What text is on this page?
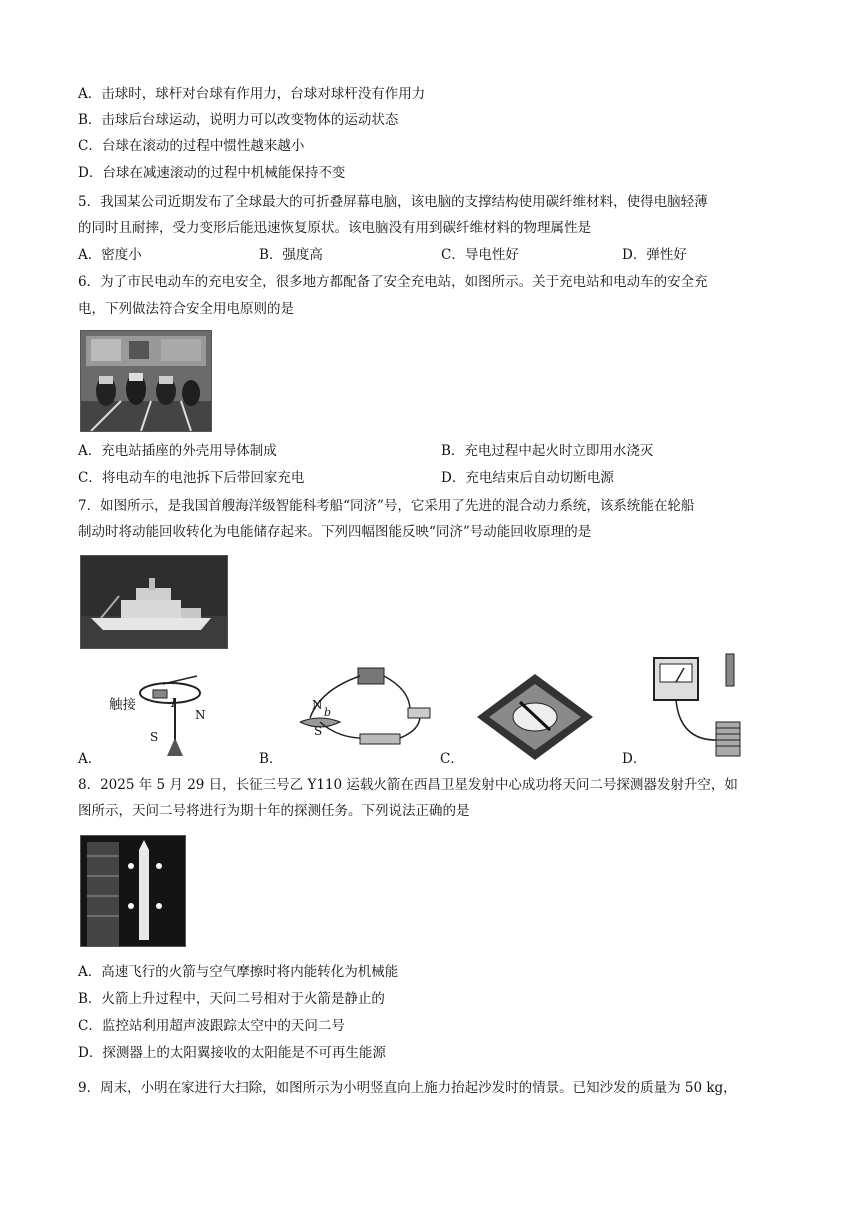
A．击球时，球杆对台球有作用力，台球对球杆没有作用力
B．击球后台球运动，说明力可以改变物体的运动状态
C．台球在滚动的过程中惯性越来越小
D．台球在减速滚动的过程中机械能保持不变
5．我国某公司近期发布了全球最大的可折叠屏幕电脑，该电脑的支撑结构使用碳纤维材料，使得电脑轻薄
的同时且耐摔，受力变形后能迅速恢复原状。该电脑没有用到碳纤维材料的物理属性是
A．密度小	B．强度高	C．导电性好	D．弹性好
6．为了市民电动车的充电安全，很多地方都配备了安全充电站，如图所示。关于充电站和电动车的安全充
电，下列做法符合安全用电原则的是
A．充电站插座的外壳用导体制成	B．充电过程中起火时立即用水浇灭
C．将电动车的电池拆下后带回家充电	D．充电结束后自动切断电源
7．如图所示，是我国首艘海洋级智能科考船“同济”号，它采用了先进的混合动力系统，该系统能在轮船
制动时将动能回收转化为电能储存起来。下列四幅图能反映“同济”号动能回收原理的是
触接
N
S
I	N
S
b
A．	B．	C．	D．
8．2025 年 5 月 29 日，长征三号乙 Y110 运载火箭在西昌卫星发射中心成功将天问二号探测器发射升空，如
图所示，天问二号将进行为期十年的探测任务。下列说法正确的是
A．高速飞行的火箭与空气摩擦时将内能转化为机械能
B．火箭上升过程中，天问二号相对于火箭是静止的
C．监控站利用超声波跟踪太空中的天问二号
D．探测器上的太阳翼接收的太阳能是不可再生能源
9．周末，小明在家进行大扫除，如图所示为小明竖直向上施力抬起沙发时的情景。已知沙发的质量为 50 kg，
